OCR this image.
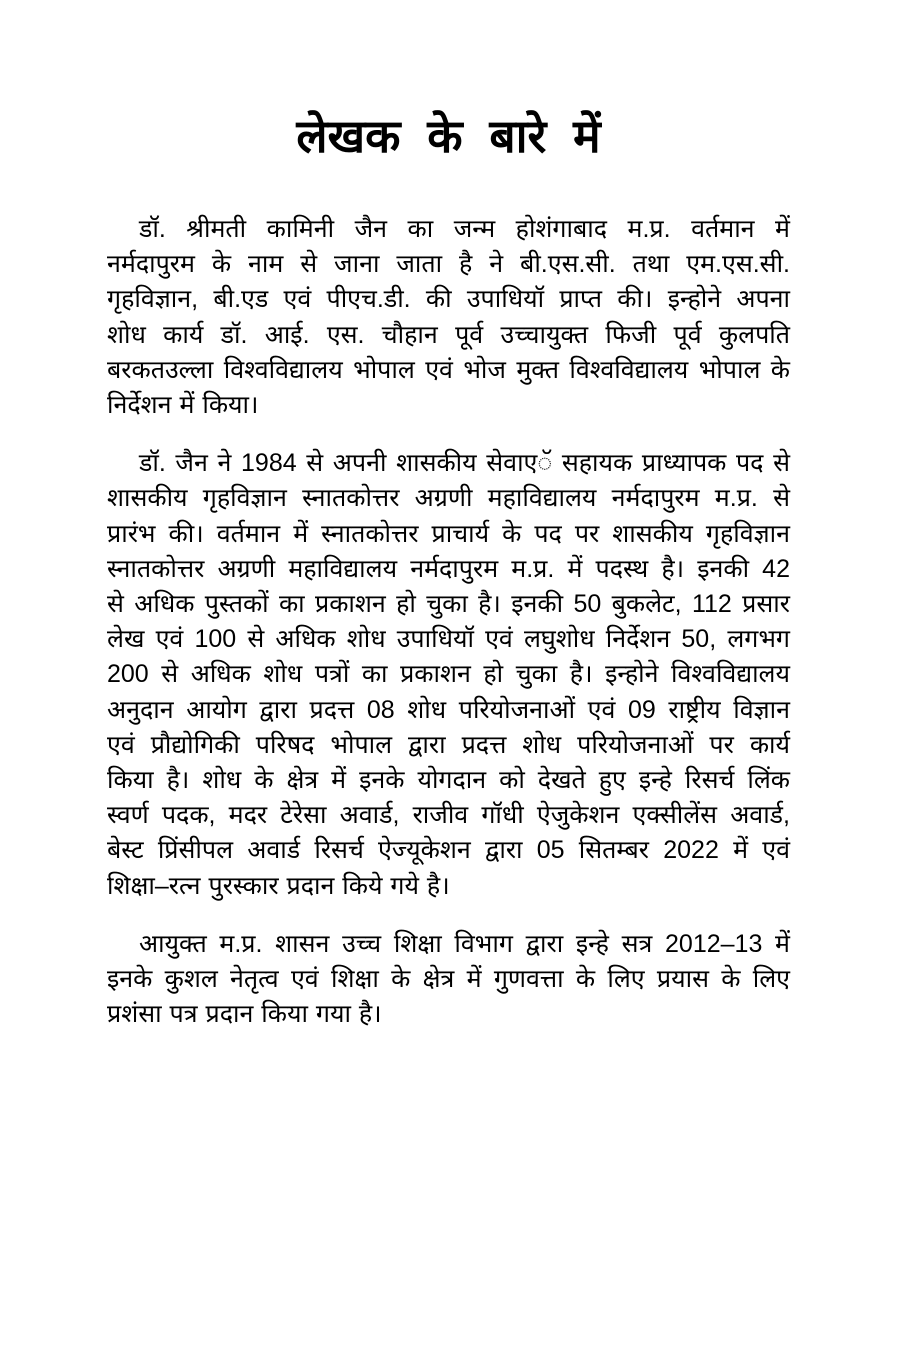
लेखक के बारे में
डॉ. श्रीमती कामिनी जैन का जन्म होशंगाबाद म.प्र. वर्तमान में
नर्मदापुरम के नाम से जाना जाता है ने बी.एस.सी. तथा एम.एस.सी.
गृहविज्ञान, बी.एड एवं पीएच.डी. की उपाधियॉ प्राप्त की। इन्होने अपना
शोध कार्य डॉ. आई. एस. चौहान पूर्व उच्चायुक्त फिजी पूर्व कुलपति
बरकतउल्ला विश्वविद्यालय भोपाल एवं भोज मुक्त विश्वविद्यालय भोपाल के
निर्देशन में किया।
डॉ. जैन ने 1984 से अपनी शासकीय सेवाएॅ सहायक प्राध्यापक पद से
शासकीय गृहविज्ञान स्नातकोत्तर अग्रणी महाविद्यालय नर्मदापुरम म.प्र. से
प्रारंभ की। वर्तमान में स्नातकोत्तर प्राचार्य के पद पर शासकीय गृहविज्ञान
स्नातकोत्तर अग्रणी महाविद्यालय नर्मदापुरम म.प्र. में पदस्थ है। इनकी 42
से अधिक पुस्तकों का प्रकाशन हो चुका है। इनकी 50 बुकलेट, 112 प्रसार
लेख एवं 100 से अधिक शोध उपाधियॉ एवं लघुशोध निर्देशन 50, लगभग
200 से अधिक शोध पत्रों का प्रकाशन हो चुका है। इन्होने विश्वविद्यालय
अनुदान आयोग द्वारा प्रदत्त 08 शोध परियोजनाओं एवं 09 राष्ट्रीय विज्ञान
एवं प्रौद्योगिकी परिषद भोपाल द्वारा प्रदत्त शोध परियोजनाओं पर कार्य
किया है। शोध के क्षेत्र में इनके योगदान को देखते हुए इन्हे रिसर्च लिंक
स्वर्ण पदक, मदर टेरेसा अवार्ड, राजीव गॉधी ऐजुकेशन एक्सीलेंस अवार्ड,
बेस्ट प्रिंसीपल अवार्ड रिसर्च ऐज्यूकेशन द्वारा 05 सितम्बर 2022 में एवं
शिक्षा–रत्न पुरस्कार प्रदान किये गये है।
आयुक्त म.प्र. शासन उच्च शिक्षा विभाग द्वारा इन्हे सत्र 2012–13 में
इनके कुशल नेतृत्व एवं शिक्षा के क्षेत्र में गुणवत्ता के लिए प्रयास के लिए
प्रशंसा पत्र प्रदान किया गया है।
